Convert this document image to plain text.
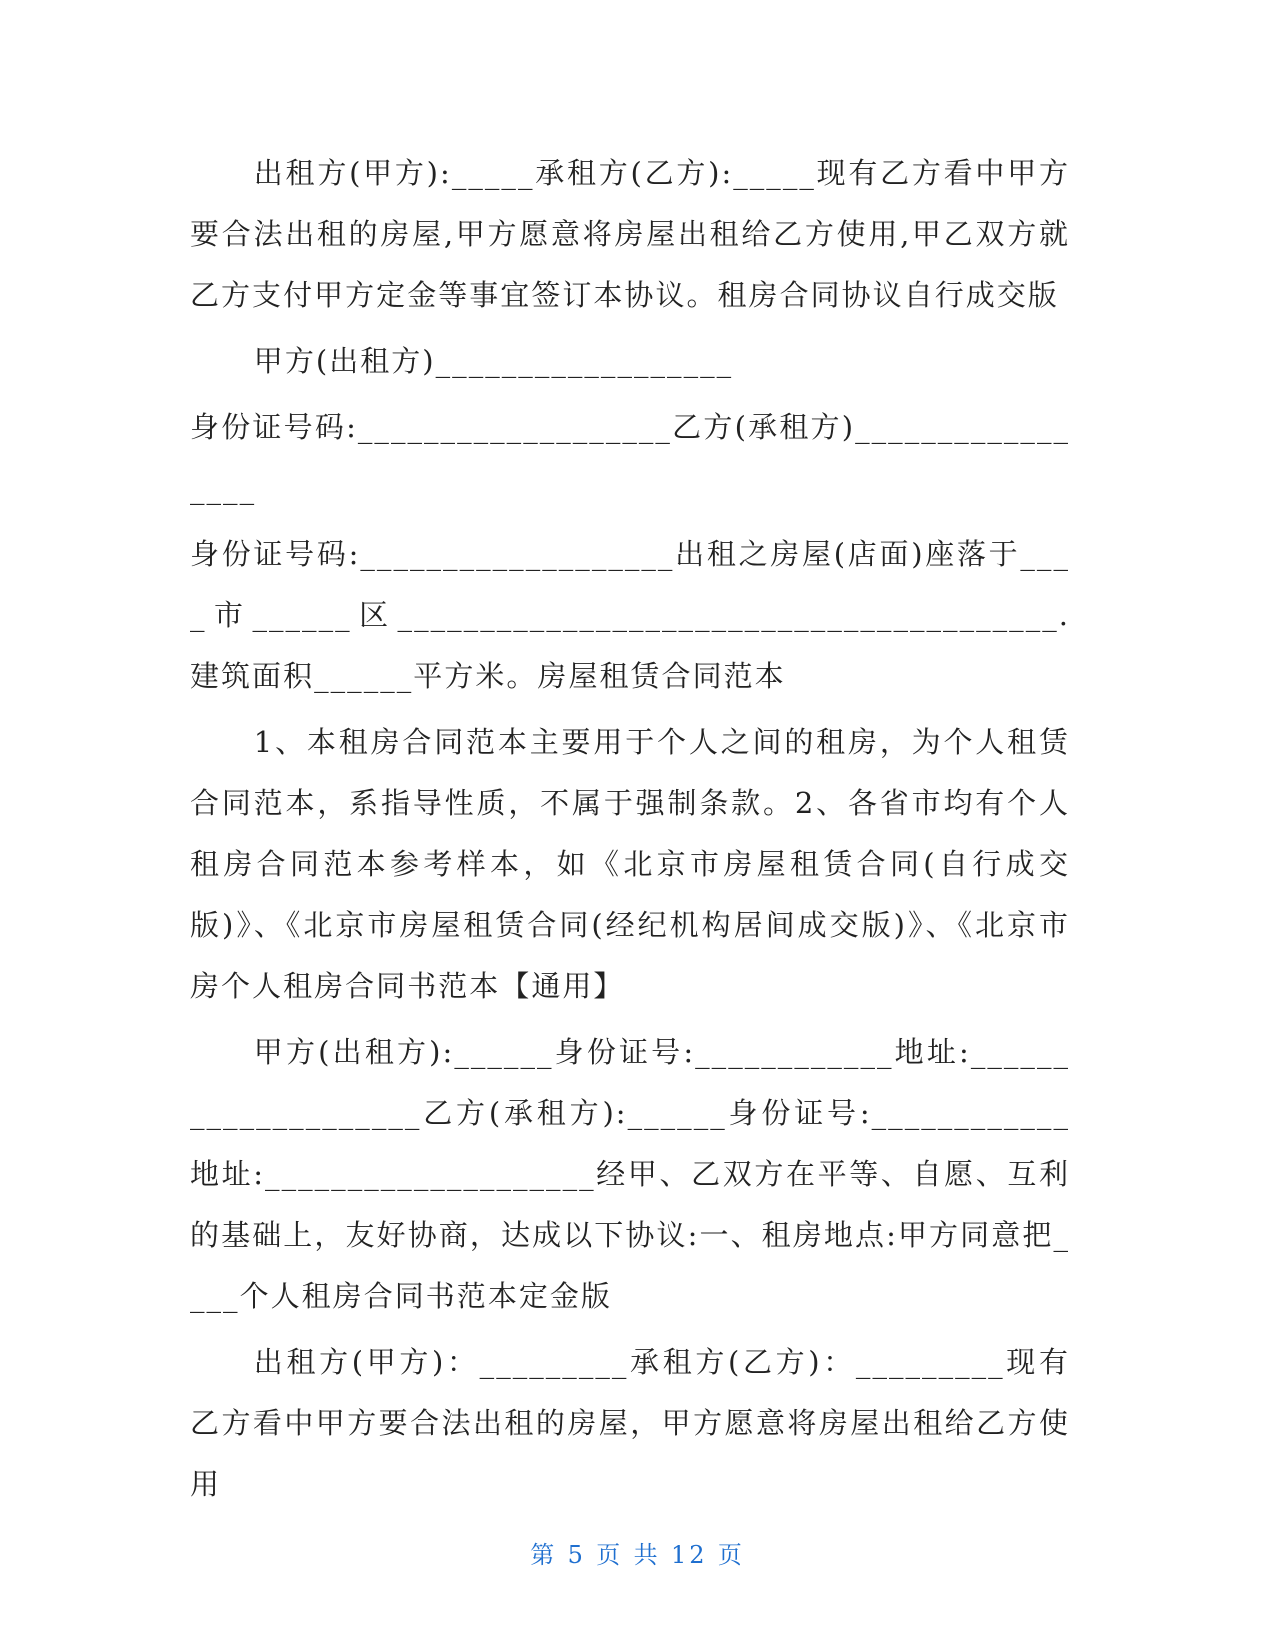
出租方(甲方):_____承租方(乙方):_____现有乙方看中甲方要合法出租的房屋,甲方愿意将房屋出租给乙方使用,甲乙双方就乙方支付甲方定金等事宜签订本协议。租房合同协议自行成交版

甲方(出租方)__________________

身份证号码:___________________乙方(承租方)_________________

身份证号码:___________________出租之房屋(店面)座落于____市______区________________________________________.建筑面积______平方米。房屋租赁合同范本

1、本租房合同范本主要用于个人之间的租房，为个人租赁合同范本，系指导性质，不属于强制条款。2、各省市均有个人租房合同范本参考样本，如《北京市房屋租赁合同(自行成交版)》、《北京市房屋租赁合同(经纪机构居间成交版)》、《北京市房个人租房合同书范本【通用】

甲方(出租方):______身份证号:____________地址:____________________乙方(承租方):______身份证号:____________地址:____________________经甲、乙双方在平等、自愿、互利的基础上，友好协商，达成以下协议:一、租房地点:甲方同意把____个人租房合同书范本定金版

出租方(甲方)：_________承租方(乙方)：_________现有乙方看中甲方要合法出租的房屋，甲方愿意将房屋出租给乙方使用

第 5 页 共 12 页
